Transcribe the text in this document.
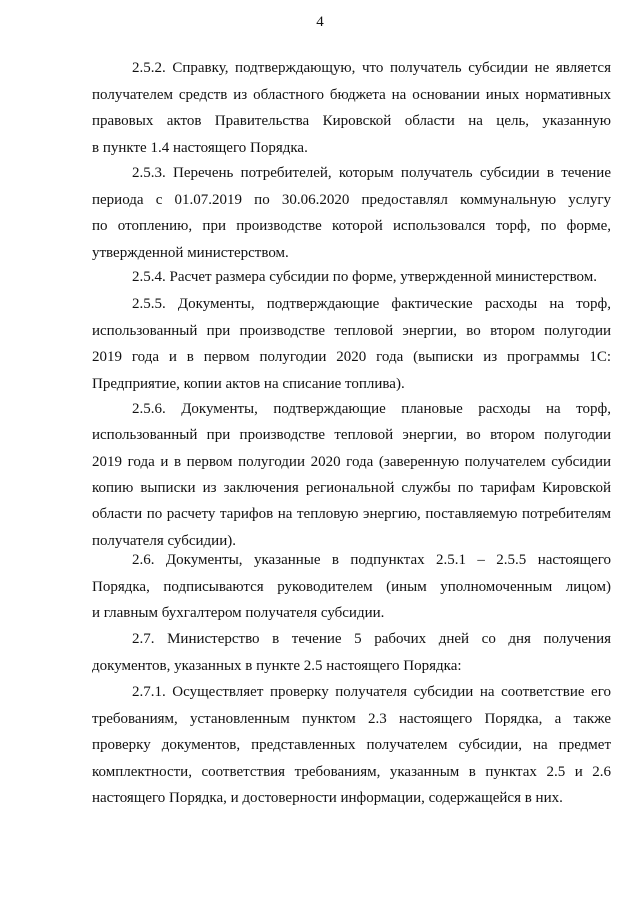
4
2.5.2. Справку, подтверждающую, что получатель субсидии не является
получателем средств из областного бюджета на основании иных нормативных
правовых актов Правительства Кировской области на цель, указанную
в пункте 1.4 настоящего Порядка.
2.5.3. Перечень потребителей, которым получатель субсидии в течение
периода с 01.07.2019 по 30.06.2020 предоставлял коммунальную услугу
по отоплению, при производстве которой использовался торф, по форме,
утвержденной министерством.
2.5.4. Расчет размера субсидии по форме, утвержденной министерством.
2.5.5. Документы, подтверждающие фактические расходы на торф,
использованный при производстве тепловой энергии, во втором полугодии
2019 года и в первом полугодии 2020 года (выписки из программы 1С:
Предприятие, копии актов на списание топлива).
2.5.6. Документы, подтверждающие плановые расходы на торф,
использованный при производстве тепловой энергии, во втором полугодии
2019 года и в первом полугодии 2020 года (заверенную получателем субсидии
копию выписки из заключения региональной службы по тарифам Кировской
области по расчету тарифов на тепловую энергию, поставляемую потребителям
получателя субсидии).
2.6. Документы, указанные в подпунктах 2.5.1 – 2.5.5 настоящего
Порядка, подписываются руководителем (иным уполномоченным лицом)
и главным бухгалтером получателя субсидии.
2.7. Министерство в течение 5 рабочих дней со дня получения
документов, указанных в пункте 2.5 настоящего Порядка:
2.7.1. Осуществляет проверку получателя субсидии на соответствие его
требованиям, установленным пунктом 2.3 настоящего Порядка, а также
проверку документов, представленных получателем субсидии, на предмет
комплектности, соответствия требованиям, указанным в пунктах 2.5 и 2.6
настоящего Порядка, и достоверности информации, содержащейся в них.
